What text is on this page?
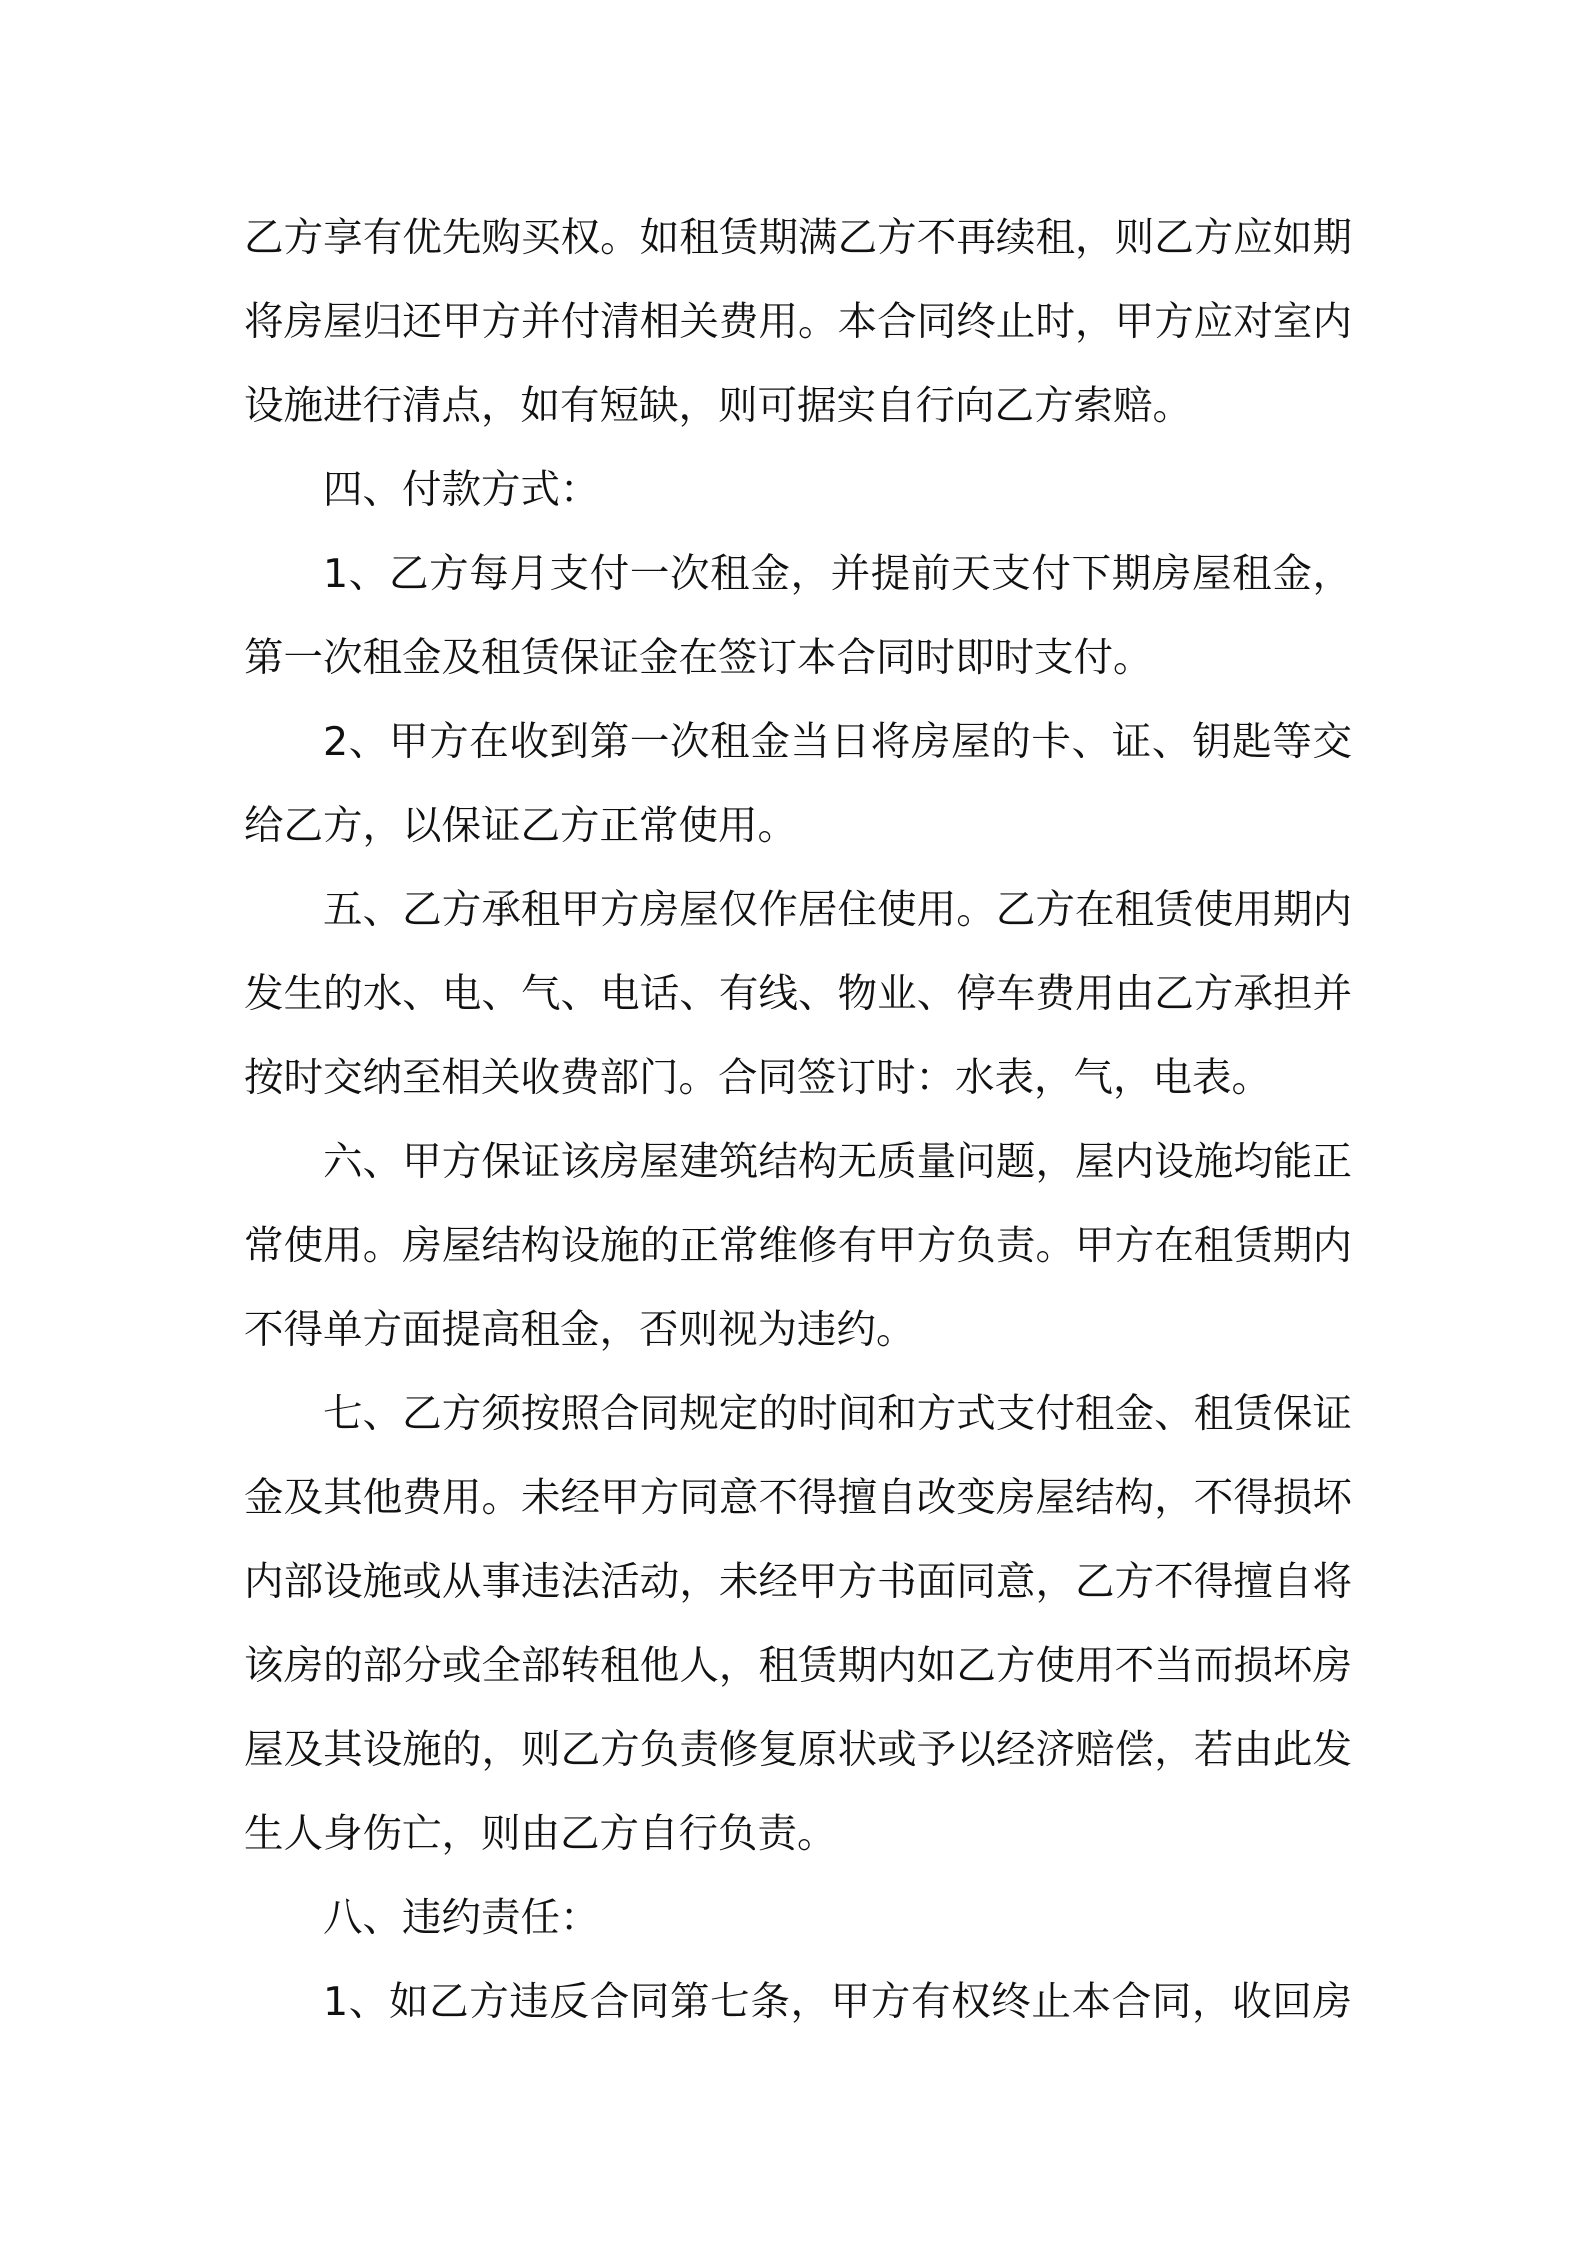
乙方享有优先购买权。如租赁期满乙方不再续租，则乙方应如期
将房屋归还甲方并付清相关费用。本合同终止时，甲方应对室内
设施进行清点，如有短缺，则可据实自行向乙方索赔。
四、付款方式：
1、乙方每月支付一次租金，并提前天支付下期房屋租金，
第一次租金及租赁保证金在签订本合同时即时支付。
2、甲方在收到第一次租金当日将房屋的卡、证、钥匙等交
给乙方，以保证乙方正常使用。
五、乙方承租甲方房屋仅作居住使用。乙方在租赁使用期内
发生的水、电、气、电话、有线、物业、停车费用由乙方承担并
按时交纳至相关收费部门。合同签订时：水表，气，电表。
六、甲方保证该房屋建筑结构无质量问题，屋内设施均能正
常使用。房屋结构设施的正常维修有甲方负责。甲方在租赁期内
不得单方面提高租金，否则视为违约。
七、乙方须按照合同规定的时间和方式支付租金、租赁保证
金及其他费用。未经甲方同意不得擅自改变房屋结构，不得损坏
内部设施或从事违法活动，未经甲方书面同意，乙方不得擅自将
该房的部分或全部转租他人，租赁期内如乙方使用不当而损坏房
屋及其设施的，则乙方负责修复原状或予以经济赔偿，若由此发
生人身伤亡，则由乙方自行负责。
八、违约责任：
1、如乙方违反合同第七条，甲方有权终止本合同，收回房
